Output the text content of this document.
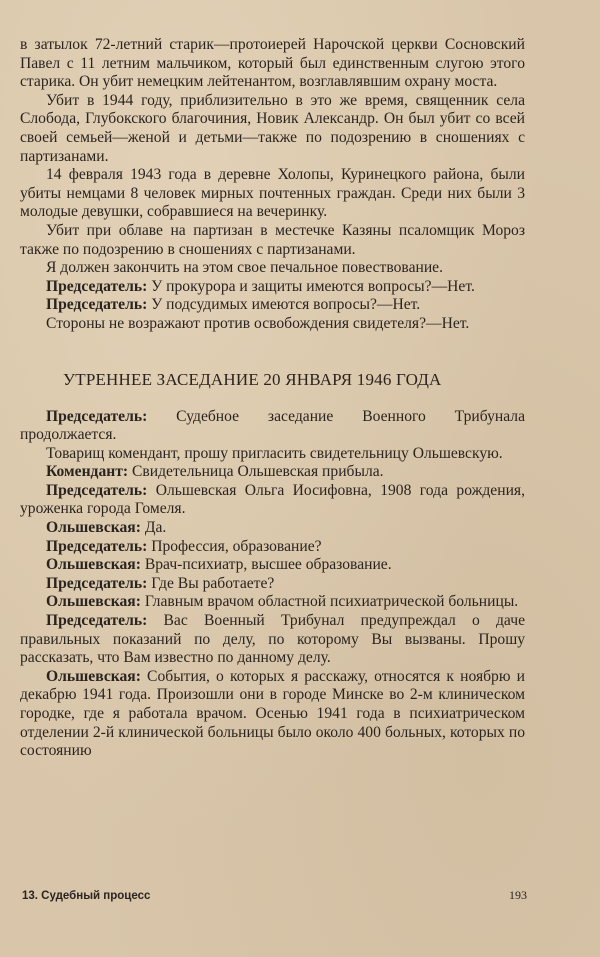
в затылок 72-летний старик—протоиерей Нарочской церкви Сосновский Павел с 11 летним мальчиком, который был единственным слугою этого старика. Он убит немецким лейтенантом, возглавлявшим охрану моста.

Убит в 1944 году, приблизительно в это же время, священник села Слобода, Глубокского благочиния, Новик Александр. Он был убит со всей своей семьей—женой и детьми—также по подозрению в сношениях с партизанами.

14 февраля 1943 года в деревне Холопы, Куринецкого района, были убиты немцами 8 человек мирных почтенных граждан. Среди них были 3 молодые девушки, собравшиеся на вечеринку.

Убит при облаве на партизан в местечке Казяны псаломщик Мороз также по подозрению в сношениях с партизанами.

Я должен закончить на этом свое печальное повествование.

Председатель: У прокурора и защиты имеются вопросы?—Нет.

Председатель: У подсудимых имеются вопросы?—Нет.

Стороны не возражают против освобождения свидетеля?—Нет.

УТРЕННЕЕ ЗАСЕДАНИЕ 20 ЯНВАРЯ 1946 ГОДА

Председатель: Судебное заседание Военного Трибунала продолжается.

Товарищ комендант, прошу пригласить свидетельницу Ольшевскую.

Комендант: Свидетельница Ольшевская прибыла.

Председатель: Ольшевская Ольга Иосифовна, 1908 года рождения, уроженка города Гомеля.

Ольшевская: Да.

Председатель: Профессия, образование?

Ольшевская: Врач-психиатр, высшее образование.

Председатель: Где Вы работаете?

Ольшевская: Главным врачом областной психиатрической больницы.

Председатель: Вас Военный Трибунал предупреждал о даче правильных показаний по делу, по которому Вы вызваны. Прошу рассказать, что Вам известно по данному делу.

Ольшевская: События, о которых я расскажу, относятся к ноябрю и декабрю 1941 года. Произошли они в городе Минске во 2-м клиническом городке, где я работала врачом. Осенью 1941 года в психиатрическом отделении 2-й клинической больницы было около 400 больных, которых по состоянию

13. Судебный процесс	193
